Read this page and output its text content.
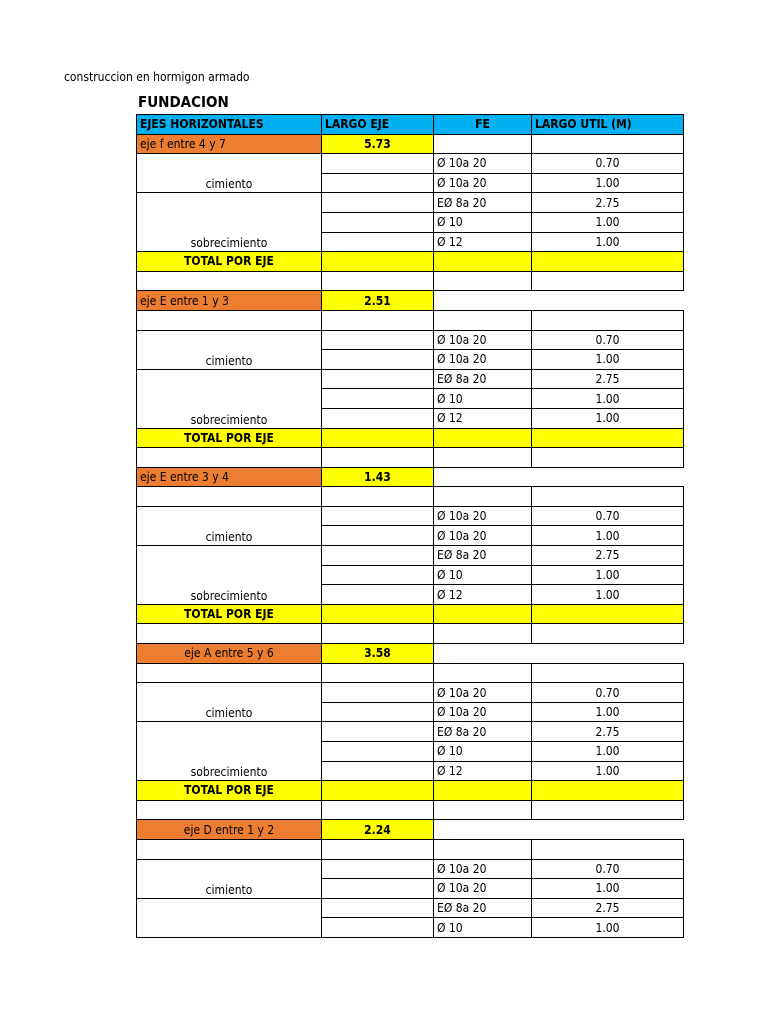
construccion en hormigon armado
FUNDACION
EJES HORIZONTALES	LARGO EJE	FE	LARGO UTIL (M)
eje f entre 4 y 7	5.73		

cimiento		Ø 10a 20	0.70
		Ø 10a 20	1.00

sobrecimiento		EØ 8a 20	2.75
		Ø 10	1.00
		Ø 12	1.00
TOTAL POR EJE			

eje E entre 1 y 3	2.51		

cimiento		Ø 10a 20	0.70
		Ø 10a 20	1.00

sobrecimiento		EØ 8a 20	2.75
		Ø 10	1.00
		Ø 12	1.00
TOTAL POR EJE			

eje E entre 3 y 4	1.43		

cimiento		Ø 10a 20	0.70
		Ø 10a 20	1.00

sobrecimiento		EØ 8a 20	2.75
		Ø 10	1.00
		Ø 12	1.00
TOTAL POR EJE			

eje A entre 5 y 6	3.58		

cimiento		Ø 10a 20	0.70
		Ø 10a 20	1.00

sobrecimiento		EØ 8a 20	2.75
		Ø 10	1.00
		Ø 12	1.00
TOTAL POR EJE			

eje D entre 1 y 2	2.24		

cimiento		Ø 10a 20	0.70
		Ø 10a 20	1.00
		EØ 8a 20	2.75
		Ø 10	1.00
